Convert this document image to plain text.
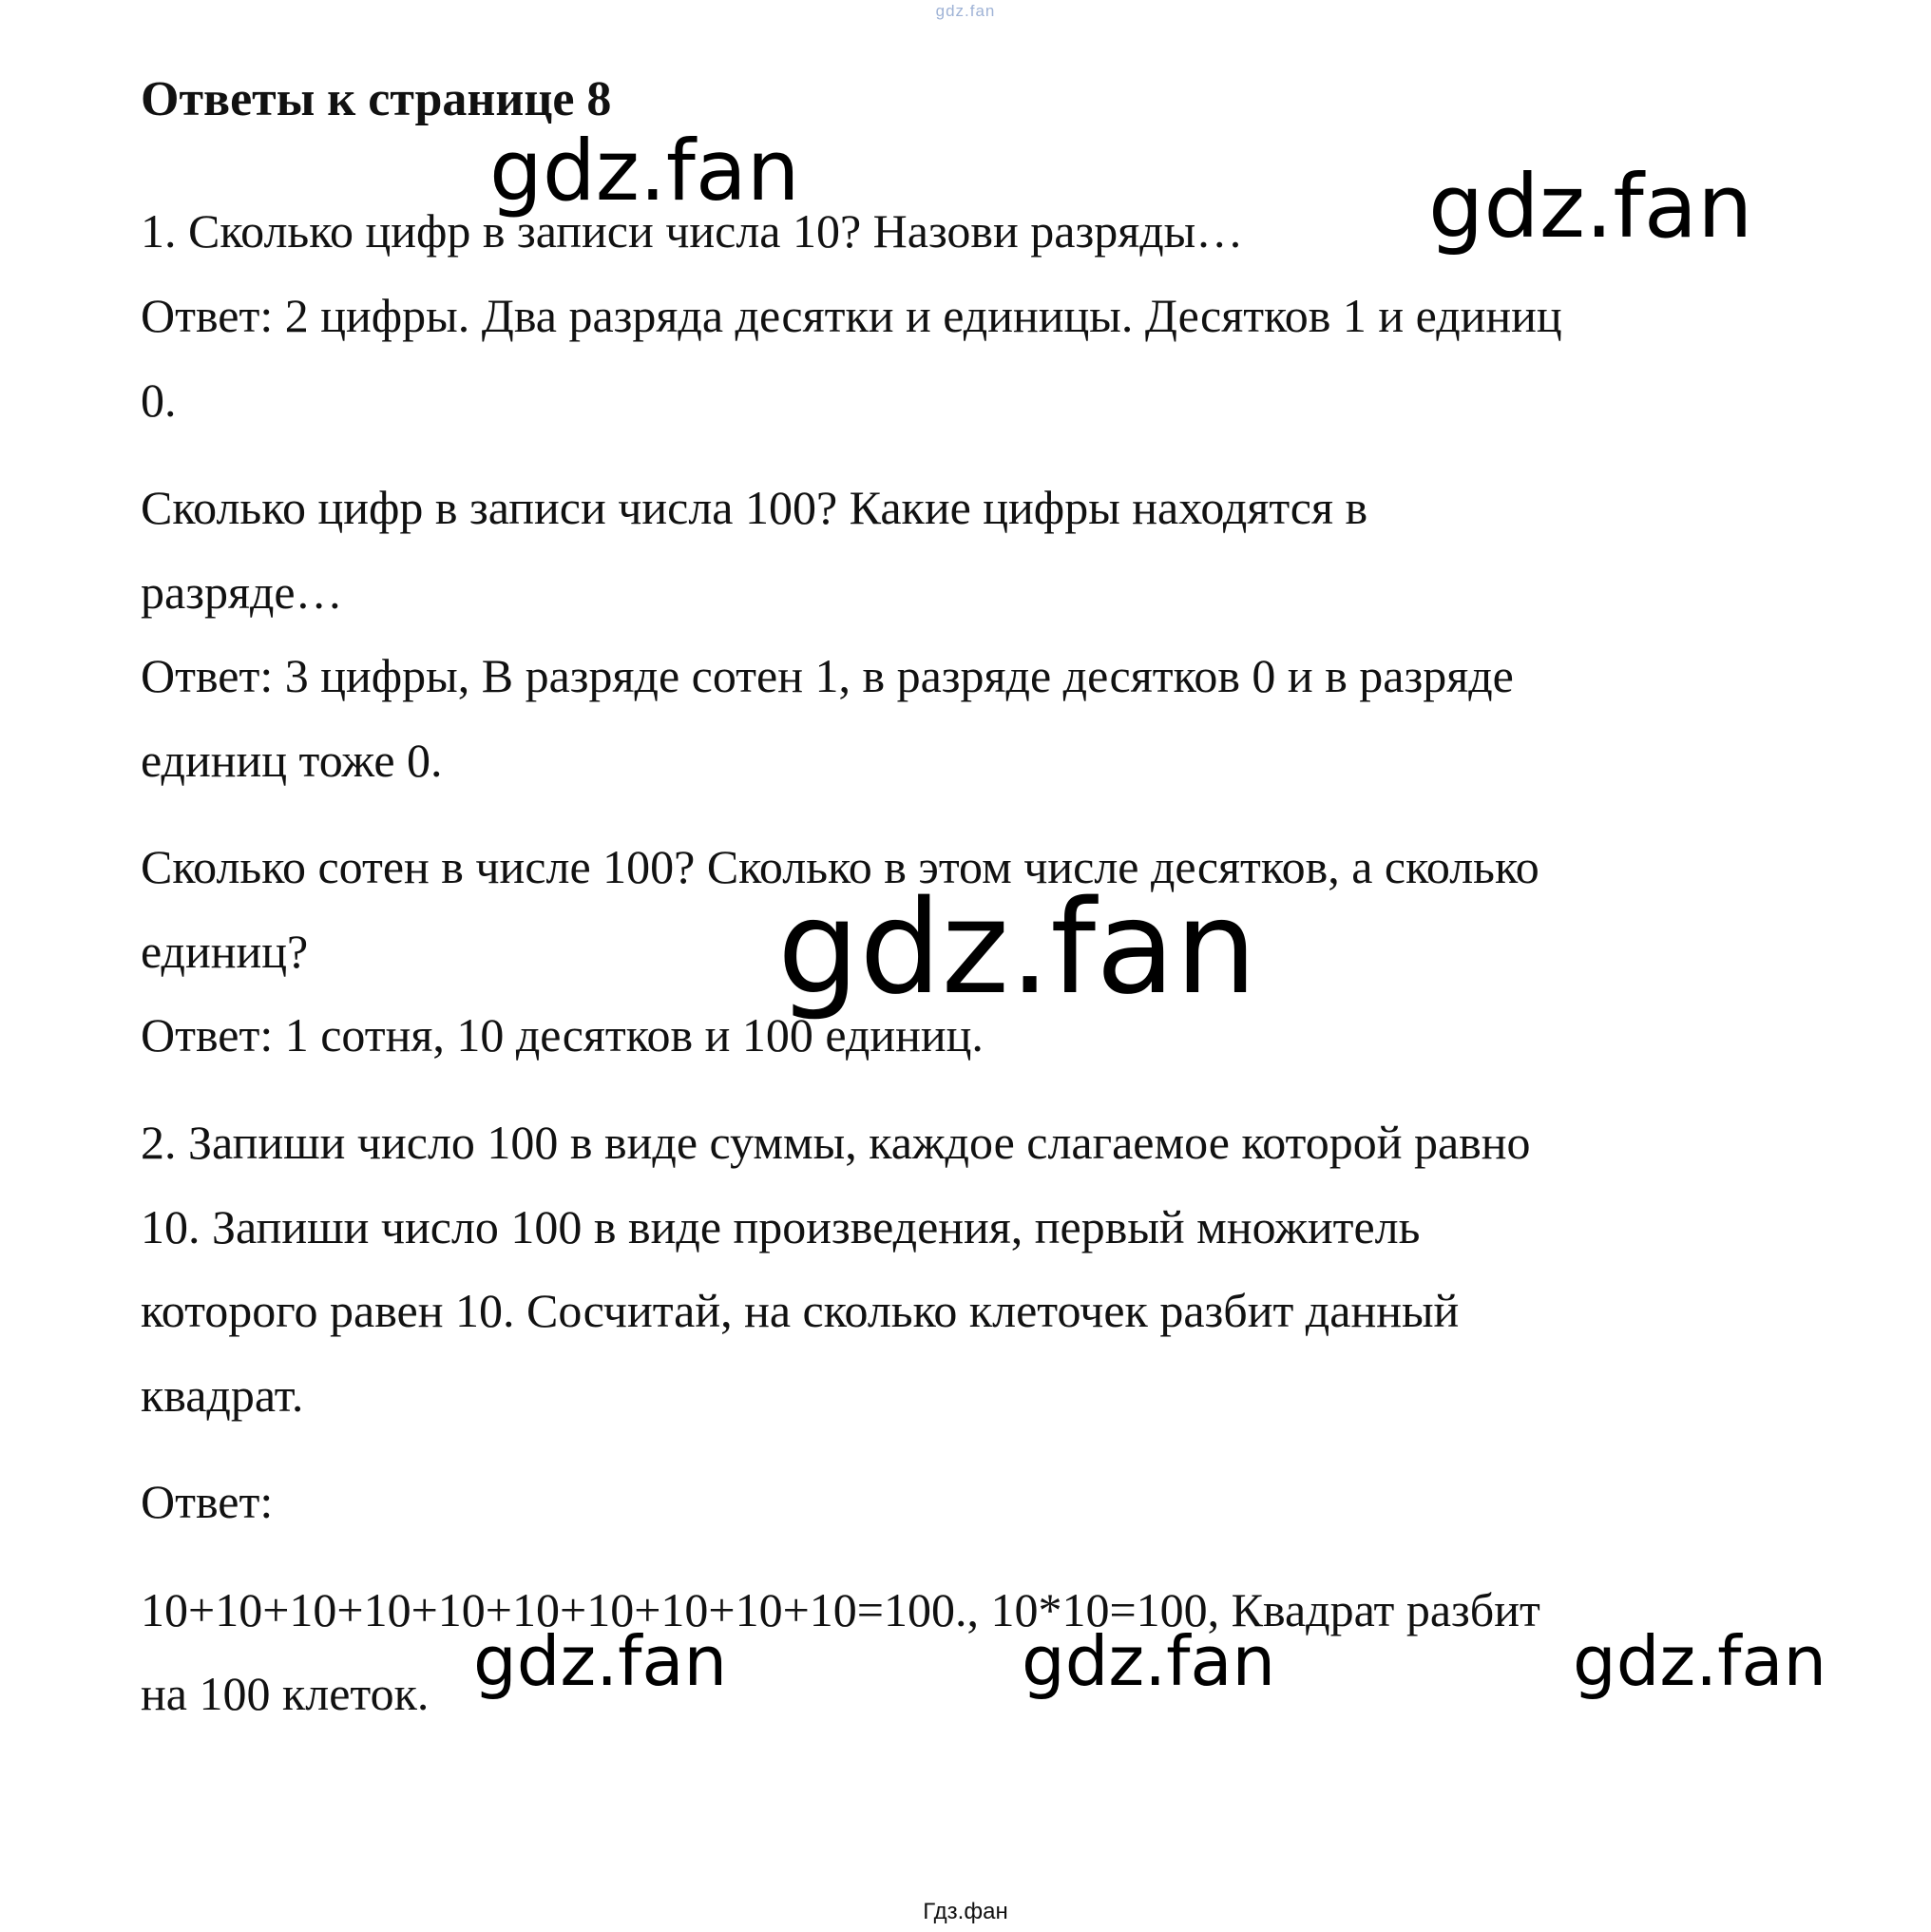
gdz.fan
Ответы к странице 8
1. Сколько цифр в записи числа 10? Назови разряды…
Ответ: 2 цифры. Два разряда десятки и единицы. Десятков 1 и единиц
0.
Сколько цифр в записи числа 100? Какие цифры находятся в
разряде…
Ответ: 3 цифры, В разряде сотен 1, в разряде десятков 0 и в разряде
единиц тоже 0.
Сколько сотен в числе 100? Сколько в этом числе десятков, а сколько
единиц?
Ответ: 1 сотня, 10 десятков и 100 единиц.
2. Запиши число 100 в виде суммы, каждое слагаемое которой равно
10. Запиши число 100 в виде произведения, первый множитель
которого равен 10. Сосчитай, на сколько клеточек разбит данный
квадрат.
Ответ:
10+10+10+10+10+10+10+10+10+10=100., 10*10=100, Квадрат разбит
на 100 клеток.
gdz.fan	gdz.fan
gdz.fan
gdz.fan	gdz.fan	gdz.fan
Гдз.фан
